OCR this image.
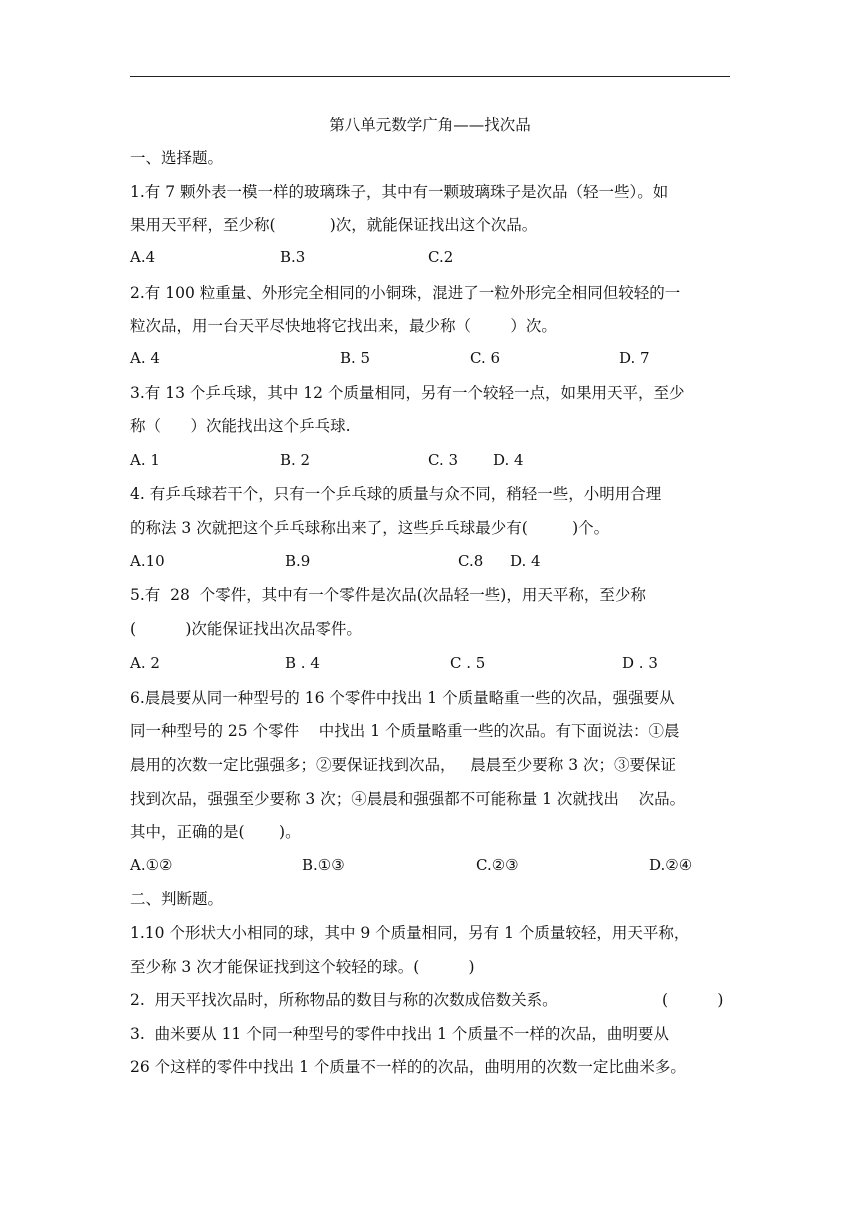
第八单元数学广角——找次品
一、选择题。
1.有 7 颗外表一模一样的玻璃珠子，其中有一颗玻璃珠子是次品（轻一些）。如
果用天平秤，至少称(           )次，就能保证找出这个次品。
A.4	B.3	C.2
2.有 100 粒重量、外形完全相同的小铜珠，混进了一粒外形完全相同但较轻的一
粒次品，用一台天平尽快地将它找出来，最少称（        ）次。
A. 4	B. 5	C. 6	D. 7
3.有 13 个乒乓球，其中 12 个质量相同，另有一个较轻一点，如果用天平，至少
称（      ）次能找出这个乒乓球.
A. 1	B. 2	C. 3 D. 4
4. 有乒乓球若干个，只有一个乒乓球的质量与众不同，稍轻一些，小明用合理
的称法 3 次就把这个乒乓球称出来了，这些乒乓球最少有(         )个。
A.10	B.9	C.8 D. 4
5.有  28  个零件，其中有一个零件是次品(次品轻一些)，用天平称，至少称
(          )次能保证找出次品零件。
A. 2	B . 4	C . 5	D . 3
6.晨晨要从同一种型号的 16 个零件中找出 1 个质量略重一些的次品，强强要从
同一种型号的 25 个零件    中找出 1 个质量略重一些的次品。有下面说法：①晨
晨用的次数一定比强强多；②要保证找到次品，   晨晨至少要称 3 次；③要保证
找到次品，强强至少要称 3 次；④晨晨和强强都不可能称量 1 次就找出    次品。
其中，正确的是(       )。
A.①②	B.①③	C.②③	D.②④
二、判断题。
1.10 个形状大小相同的球，其中 9 个质量相同，另有 1 个质量较轻，用天平称，
至少称 3 次才能保证找到这个较轻的球。(          )
2.  用天平找次品时，所称物品的数目与称的次数成倍数关系。	(          )
3.  曲米要从 11 个同一种型号的零件中找出 1 个质量不一样的次品，曲明要从
26 个这样的零件中找出 1 个质量不一样的的次品，曲明用的次数一定比曲米多。
